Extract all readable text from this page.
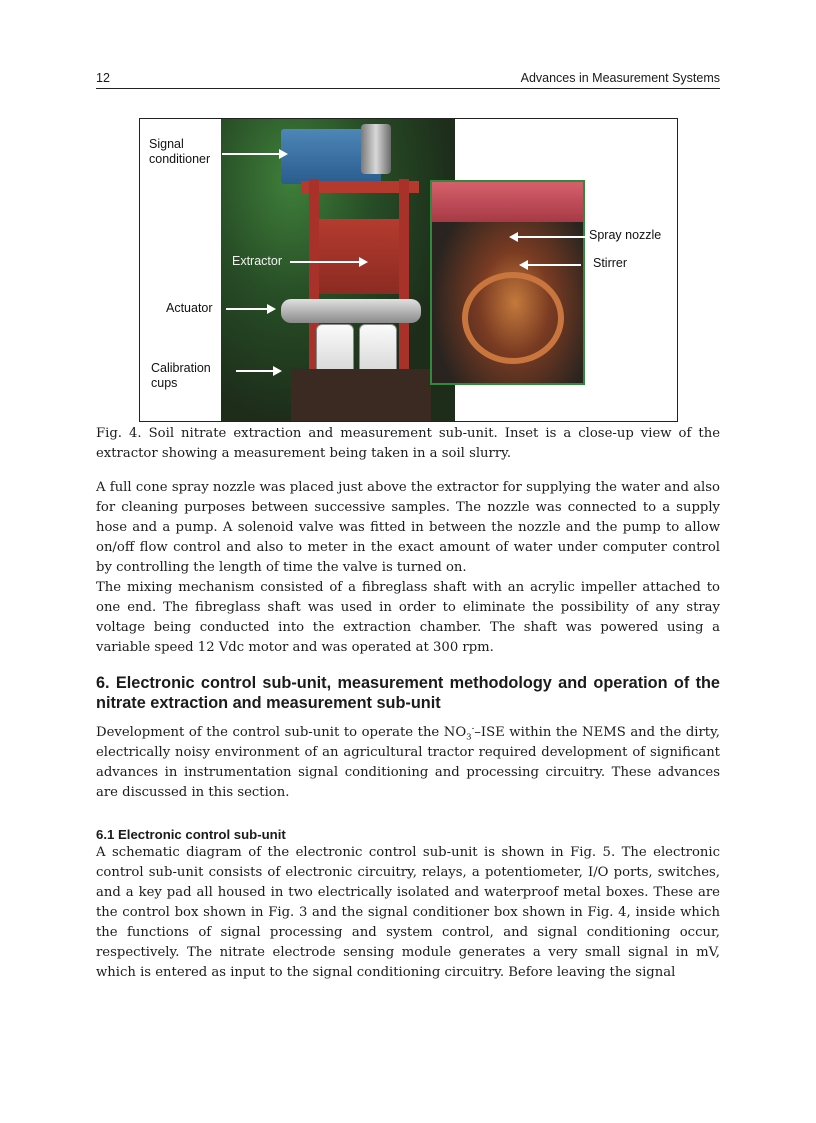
12	Advances in Measurement Systems
Signal
conditioner
Extractor
Actuator
Calibration
cups
Spray nozzle
Stirrer
Fig. 4. Soil nitrate extraction and measurement sub-unit. Inset is a close-up view of the extractor showing a measurement being taken in a soil slurry.

A full cone spray nozzle was placed just above the extractor for supplying the water and also for cleaning purposes between successive samples. The nozzle was connected to a supply hose and a pump. A solenoid valve was fitted in between the nozzle and the pump to allow on/off flow control and also to meter in the exact amount of water under computer control by controlling the length of time the valve is turned on.

The mixing mechanism consisted of a fibreglass shaft with an acrylic impeller attached to one end. The fibreglass shaft was used in order to eliminate the possibility of any stray voltage being conducted into the extraction chamber. The shaft was powered using a variable speed 12 Vdc motor and was operated at 300 rpm.

6. Electronic control sub-unit, measurement methodology and operation of the nitrate extraction and measurement sub-unit
Development of the control sub-unit to operate the $NO_3^-$–ISE within the NEMS and the dirty, electrically noisy environment of an agricultural tractor required development of significant advances in instrumentation signal conditioning and processing circuitry. These advances are discussed in this section.
6.1 Electronic control sub-unit
A schematic diagram of the electronic control sub-unit is shown in Fig. 5. The electronic control sub-unit consists of electronic circuitry, relays, a potentiometer, I/O ports, switches, and a key pad all housed in two electrically isolated and waterproof metal boxes. These are the control box shown in Fig. 3 and the signal conditioner box shown in Fig. 4, inside which the functions of signal processing and system control, and signal conditioning occur, respectively. The nitrate electrode sensing module generates a very small signal in mV, which is entered as input to the signal conditioning circuitry. Before leaving the signal
